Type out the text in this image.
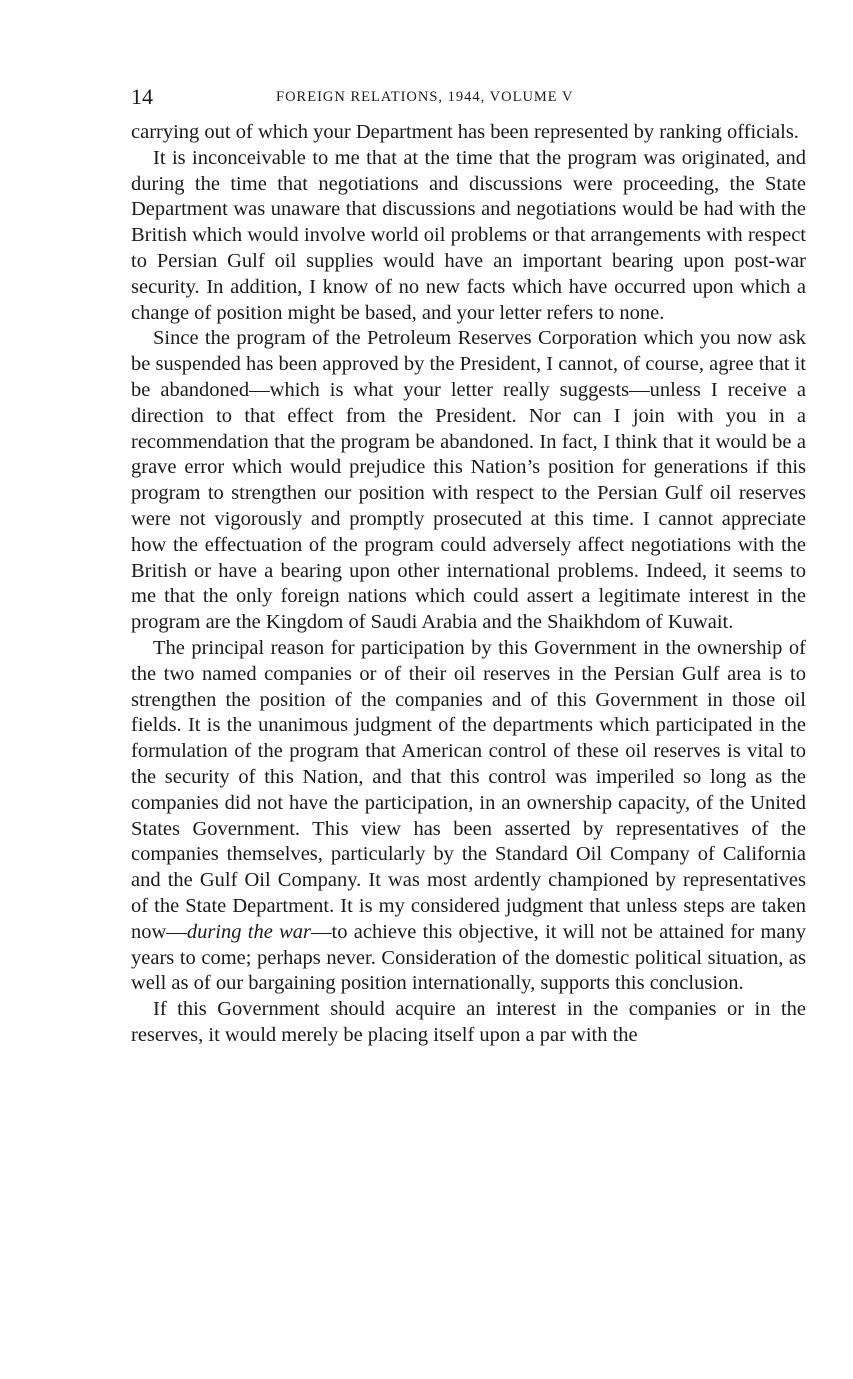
14	FOREIGN RELATIONS, 1944, VOLUME V

carrying out of which your Department has been represented by ranking officials.

It is inconceivable to me that at the time that the program was originated, and during the time that negotiations and discussions were proceeding, the State Department was unaware that discussions and negotiations would be had with the British which would involve world oil problems or that arrangements with respect to Persian Gulf oil supplies would have an important bearing upon post-war security. In addition, I know of no new facts which have occurred upon which a change of position might be based, and your letter refers to none.

Since the program of the Petroleum Reserves Corporation which you now ask be suspended has been approved by the President, I cannot, of course, agree that it be abandoned—which is what your letter really suggests—unless I receive a direction to that effect from the President. Nor can I join with you in a recommendation that the program be abandoned. In fact, I think that it would be a grave error which would prejudice this Nation’s position for generations if this program to strengthen our position with respect to the Persian Gulf oil reserves were not vigorously and promptly prosecuted at this time. I cannot appreciate how the effectuation of the program could adversely affect negotiations with the British or have a bearing upon other international problems. Indeed, it seems to me that the only foreign nations which could assert a legitimate interest in the program are the Kingdom of Saudi Arabia and the Shaikhdom of Kuwait.

The principal reason for participation by this Government in the ownership of the two named companies or of their oil reserves in the Persian Gulf area is to strengthen the position of the companies and of this Government in those oil fields. It is the unanimous judgment of the departments which participated in the formulation of the program that American control of these oil reserves is vital to the security of this Nation, and that this control was imperiled so long as the companies did not have the participation, in an ownership capacity, of the United States Government. This view has been asserted by representatives of the companies themselves, particularly by the Standard Oil Company of California and the Gulf Oil Company. It was most ardently championed by representatives of the State Department. It is my considered judgment that unless steps are taken now—during the war—to achieve this objective, it will not be attained for many years to come; perhaps never. Consideration of the domestic political situation, as well as of our bargaining position internationally, supports this conclusion.

If this Government should acquire an interest in the companies or in the reserves, it would merely be placing itself upon a par with the
